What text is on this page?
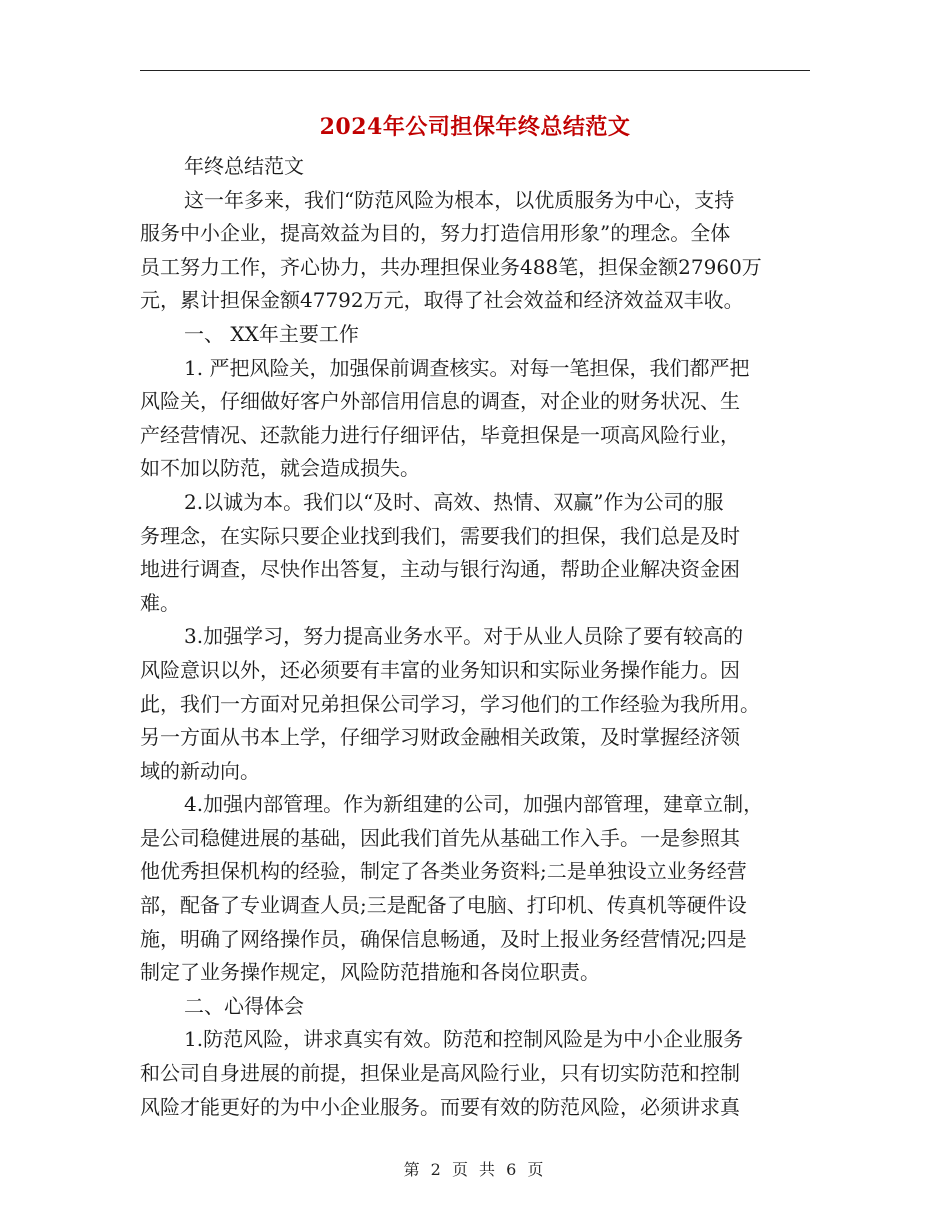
2024年公司担保年终总结范文

年终总结范文

这一年多来，我们“防范风险为根本，以优质服务为中心，支持
服务中小企业，提高效益为目的，努力打造信用形象”的理念。全体
员工努力工作，齐心协力，共办理担保业务488笔，担保金额27960万
元，累计担保金额47792万元，取得了社会效益和经济效益双丰收。

一、 XX年主要工作

1. 严把风险关，加强保前调查核实。对每一笔担保，我们都严把
风险关，仔细做好客户外部信用信息的调查，对企业的财务状况、生
产经营情况、还款能力进行仔细评估，毕竟担保是一项高风险行业，
如不加以防范，就会造成损失。

2.以诚为本。我们以“及时、高效、热情、双赢”作为公司的服
务理念，在实际只要企业找到我们，需要我们的担保，我们总是及时
地进行调查，尽快作出答复，主动与银行沟通，帮助企业解决资金困
难。

3.加强学习，努力提高业务水平。对于从业人员除了要有较高的
风险意识以外，还必须要有丰富的业务知识和实际业务操作能力。因
此，我们一方面对兄弟担保公司学习，学习他们的工作经验为我所用。
另一方面从书本上学，仔细学习财政金融相关政策，及时掌握经济领
域的新动向。

4.加强内部管理。作为新组建的公司，加强内部管理，建章立制，
是公司稳健进展的基础，因此我们首先从基础工作入手。一是参照其
他优秀担保机构的经验，制定了各类业务资料;二是单独设立业务经营
部，配备了专业调查人员;三是配备了电脑、打印机、传真机等硬件设
施，明确了网络操作员，确保信息畅通，及时上报业务经营情况;四是
制定了业务操作规定，风险防范措施和各岗位职责。

二、心得体会

1.防范风险，讲求真实有效。防范和控制风险是为中小企业服务
和公司自身进展的前提，担保业是高风险行业，只有切实防范和控制
风险才能更好的为中小企业服务。而要有效的防范风险，必须讲求真

第 2 页 共 6 页
